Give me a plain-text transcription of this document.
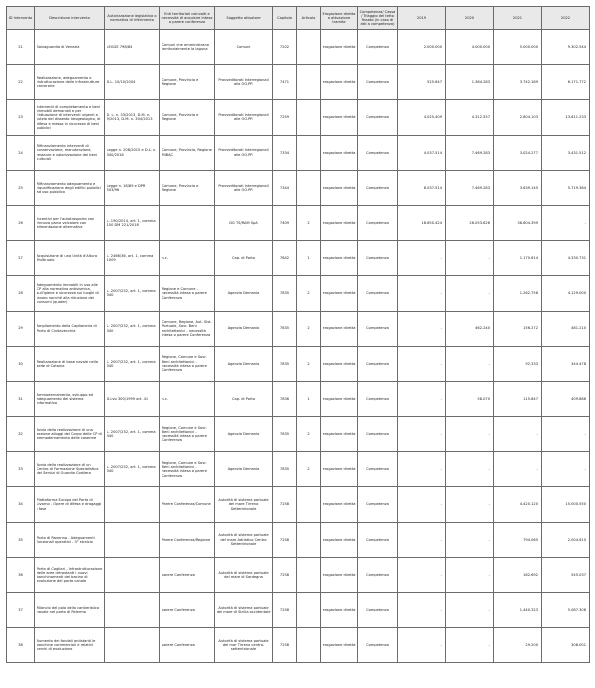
ID Intervento	Descrizione intervento	Autorizzazione legislativa o normativa di riferimento	Enti territoriali coinvolti e necessità di acquisire intesa o parere conferenza	Soggetto attuatore	Capitolo	Articolo	Erogazione diretta o attuazione tramite	Competenza/ Cassa / Triaggio del tetto fissato (in caso di atti a competenza)	2019	2020	2021	2022

21	Salvaguardia di Venezia	LEGGE 798/84	Comuni che amministrano territorialmente la laguna	Comuni	7202		erogazione diretta	Competenza	2.000.000	4.000.000	5.000.000	9.302.544

22	Realizzazione, adeguamento e ristrutturazione delle infrastrutture carcerarie	D.L. 10/10/2004	Comune, Provincia e Regione	Provveditorati interregionali alle OO.PP.	7471		erogazione diretta	Competenza	525.647	1.364.283	3.742.189	6.171.772

23	Interventi di completamento e beni immobili demaniali e per l'attuazione di interventi urgenti a tutela del dissesto idrogeologico, di difesa e messa in sicurezza di beni pubblici	D. L. n. 33/2013, D.M. n. 9/2013, D.M. n. 304/2013	Comune, Provincia e Regione	Provveditorati interregionali alle OO.PP.	7259		erogazione diretta	Competenza	4.025.409	4.312.557	2.804.103	13.611.233

24	Rifinanziamento interventi di conservazione, manutenzione, restauro e valorizzazione dei beni culturali	Legge n. 208/2015 e D.L. n. 340/2016	Comune, Provincia, Regione MIBAC	Provveditorati interregionali alle OO.PP.	7334		erogazione diretta	Competenza	4.037.514	7.469.283	3.024.277	3.431.512

25	Rifinanziamento adeguamento e riqualificazione degli edifici pubblici ad uso pubblico	Legge n. 18/89 e DPR 503/96	Comune, Provincia e Regione	Provveditorati interregionali alle OO.PP.	7344		erogazione diretta	Competenza	6.037.514	7.469.283	3.639.145	5.719.364

26	Incentivi per l'autotrasporto con rinnovo parco veicolare con alimentazione alternativa	L. 190/2014, art. 1, comma 150 DM 221/2018		DG TS/RAM SpA	7409	2	erogazione diretta	Competenza	18.650.424	26.053.626	38.604.399	-

27	Acquisizione di una Unità d'Altura Multiruolo	L. 2466/36, art. 1, comma 1009	n.c.	Cap. di Porto	7842	1	erogazione diretta	Competenza	-	-	1.170.614	4.330.731

28	Adeguamento immobili in uso alle CP alla normativa antisismica, sull'igiene e sicurezza sui luoghi di lavoro nonché alla riduzione dei consumi (quater)	L. 2007/232, art. 1, comma 340	Regione e Comune - necessità intesa o parere Conferenza	Agenzia Demanio	7835	2	erogazione diretta	Competenza	-	-	1.262.758	4.129.000

29	Ampliamento della Capitaneria di Porto di Civitavecchia	L. 2007/232, art. 1, comma 340	Comune, Regione, Aut. Sist. Portuale, Sovr. Beni architettonici - necessità intesa o parere Conferenza	Agenzia Demanio	7835	2	erogazione diretta	Competenza	-	462.240	156.272	481.210

30	Realizzazione di base navale nella sede di Catania	L. 2007/232, art. 1, comma 340	Regione, Comune e Sovr. Beni architettonici - necessità intesa o parere Conferenza	Agenzia Demanio	7835	2	erogazione diretta	Competenza	-	-	92.333	344.478

31	Ammodernamento, sviluppo ed adeguamento del sistema informativo	D.Lvo 300/1999 art. 41	n.c.	Cap. di Porto	7836	1	erogazione diretta	Competenza	-	58.070	115.847	409.886

32	Avvio della realizzazione di una sezione alloggi del Corpo delle CP di ammodernamento delle caserme	L. 2007/232, art. 1, comma 340	Regione, Comune e Sovr. Beni architettonici - necessità intesa o parere Conferenza	Agenzia Demanio	7835	2	erogazione diretta	Competenza	-	-	-	-

33	Avvio della realizzazione di un Centro di Formazione Specialistica dei Servizi di Guardia Costiera	L. 2007/232, art. 1, comma 340	Regione, Comune e Sovr. Beni architettonici - necessità intesa o parere Conferenza	Agenzia Demanio	7835	2	erogazione diretta	Competenza	-	-	-	-

34	Piattaforma Europa del Porto di Livorno - Opere di difesa e dragaggi I fase		Parere Conferenza/Comune	Autorità di sistema portuale del mare Tirreno Settentrionale	7258		erogazione diretta	Competenza	-	-	4.420.120	15.000.550

35	Porto di Ravenna - Adeguamenti funzionali operativi - 3° stralcio		Parere Conferenza/Regione	Autorità di sistema portuale del mare Adriatico Centro Settentrionale	7258		erogazione diretta	Competenza	-	-	794.065	2.004.610

36	Porto di Cagliari - Infrastrutturazione delle aree retrostanti i nuovi banchinamenti del bacino di evoluzione del porto canale		parere Conferenza	Autorità di sistema portuale del mare di Sardegna	7258		erogazione diretta	Competenza	-	-	182.692	545.037

37	Rilancio del polo della cantieristica navale nel porto di Palermo		parere Conferenza	Autorità di sistema portuale del mare di Sicilia occidentale	7258		erogazione diretta	Competenza	-	-	1.440.323	5.087.308

38	Aumento dei fondali antistanti le banchine commerciali e relativi cerchi di evoluzione		parere Conferenza	Autorità di sistema portuale del mar Tirreno centro-settentrionale	7258		erogazione diretta	Competenza	-	-	29.200	308.001
